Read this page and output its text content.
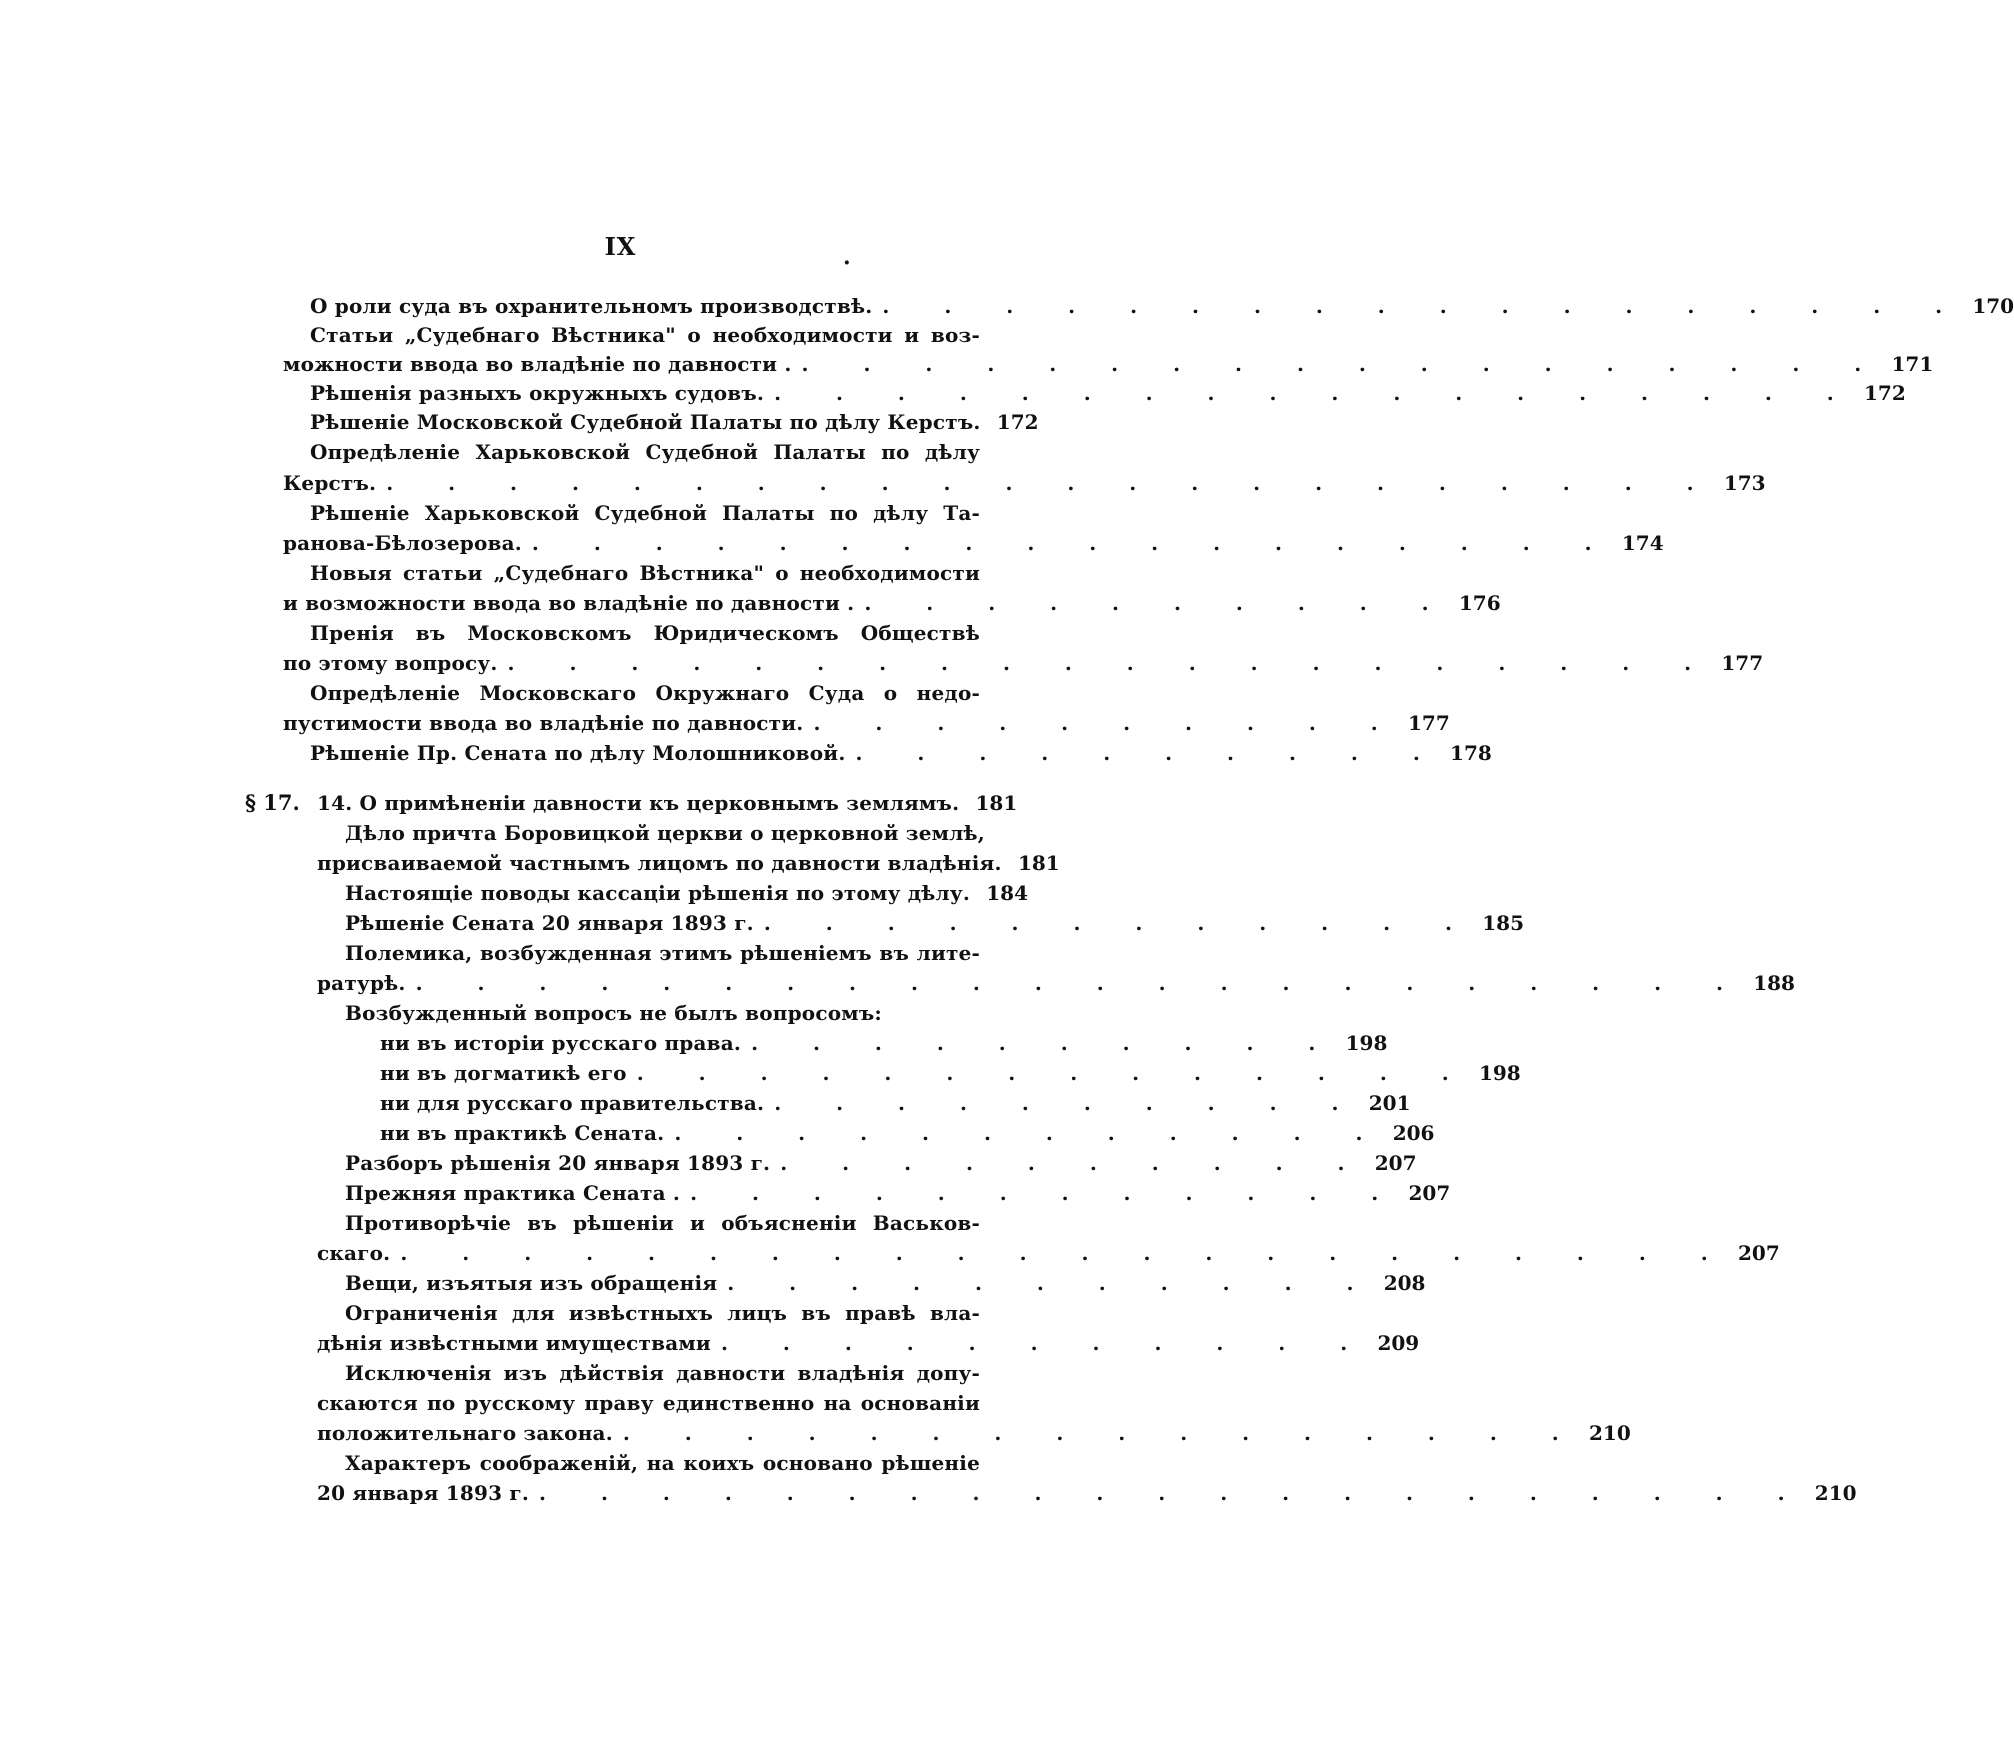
IX
·
О роли суда въ охранительномъ производствѣ. . . . . . . . . . . . . . . . . . . 170
Статьи „Судебнаго Вѣстника" о необходимости и воз-
можности ввода во владѣніе по давности . . . . . . . . . . . . . . . . . . . 171
Рѣшенія разныхъ окружныхъ судовъ. . . . . . . . . . . . . . . . . . . 172
Рѣшеніе Московской Судебной Палаты по дѣлу Керстъ. 172
Опредѣленіе Харьковской Судебной Палаты по дѣлу
Керстъ. . . . . . . . . . . . . . . . . . . . . . . 173
Рѣшеніе Харьковской Судебной Палаты по дѣлу Та-
ранова-Бѣлозерова. . . . . . . . . . . . . . . . . . . 174
Новыя статьи „Судебнаго Вѣстника" о необходимости
и возможности ввода во владѣніе по давности . . . . . . . . . . . 176
Пренія въ Московскомъ Юридическомъ Обществѣ
по этому вопросу. . . . . . . . . . . . . . . . . . . . . 177
Опредѣленіе Московскаго Окружнаго Суда о недо-
пустимости ввода во владѣніе по давности. . . . . . . . . . . 177
Рѣшеніе Пр. Сената по дѣлу Молошниковой. . . . . . . . . . . 178
§ 17. 14. О примѣненіи давности къ церковнымъ землямъ. 181
Дѣло причта Боровицкой церкви о церковной землѣ,
присваиваемой частнымъ лицомъ по давности владѣнія. 181
Настоящіе поводы кассаціи рѣшенія по этому дѣлу. 184
Рѣшеніе Сената 20 января 1893 г. . . . . . . . . . . . . 185
Полемика, возбужденная этимъ рѣшеніемъ въ лите-
ратурѣ. . . . . . . . . . . . . . . . . . . . . . . 188
Возбужденный вопросъ не былъ вопросомъ:
ни въ исторіи русскаго права. . . . . . . . . . . 198
ни въ догматикѣ его . . . . . . . . . . . . . . 198
ни для русскаго правительства. . . . . . . . . . . 201
ни въ практикѣ Сената. . . . . . . . . . . . . 206
Разборъ рѣшенія 20 января 1893 г. . . . . . . . . . . 207
Прежняя практика Сената . . . . . . . . . . . . . 207
Противорѣчіе въ рѣшеніи и объясненіи Васьков-
скаго. . . . . . . . . . . . . . . . . . . . . . . 207
Вещи, изъятыя изъ обращенія . . . . . . . . . . . 208
Ограниченія для извѣстныхъ лицъ въ правѣ вла-
дѣнія извѣстными имуществами . . . . . . . . . . . 209
Исключенія изъ дѣйствія давности владѣнія допу-
скаются по русскому праву единственно на основаніи
положительнаго закона. . . . . . . . . . . . . . . . . 210
Характеръ соображеній, на коихъ основано рѣшеніе
20 января 1893 г. . . . . . . . . . . . . . . . . . . . . . 210
